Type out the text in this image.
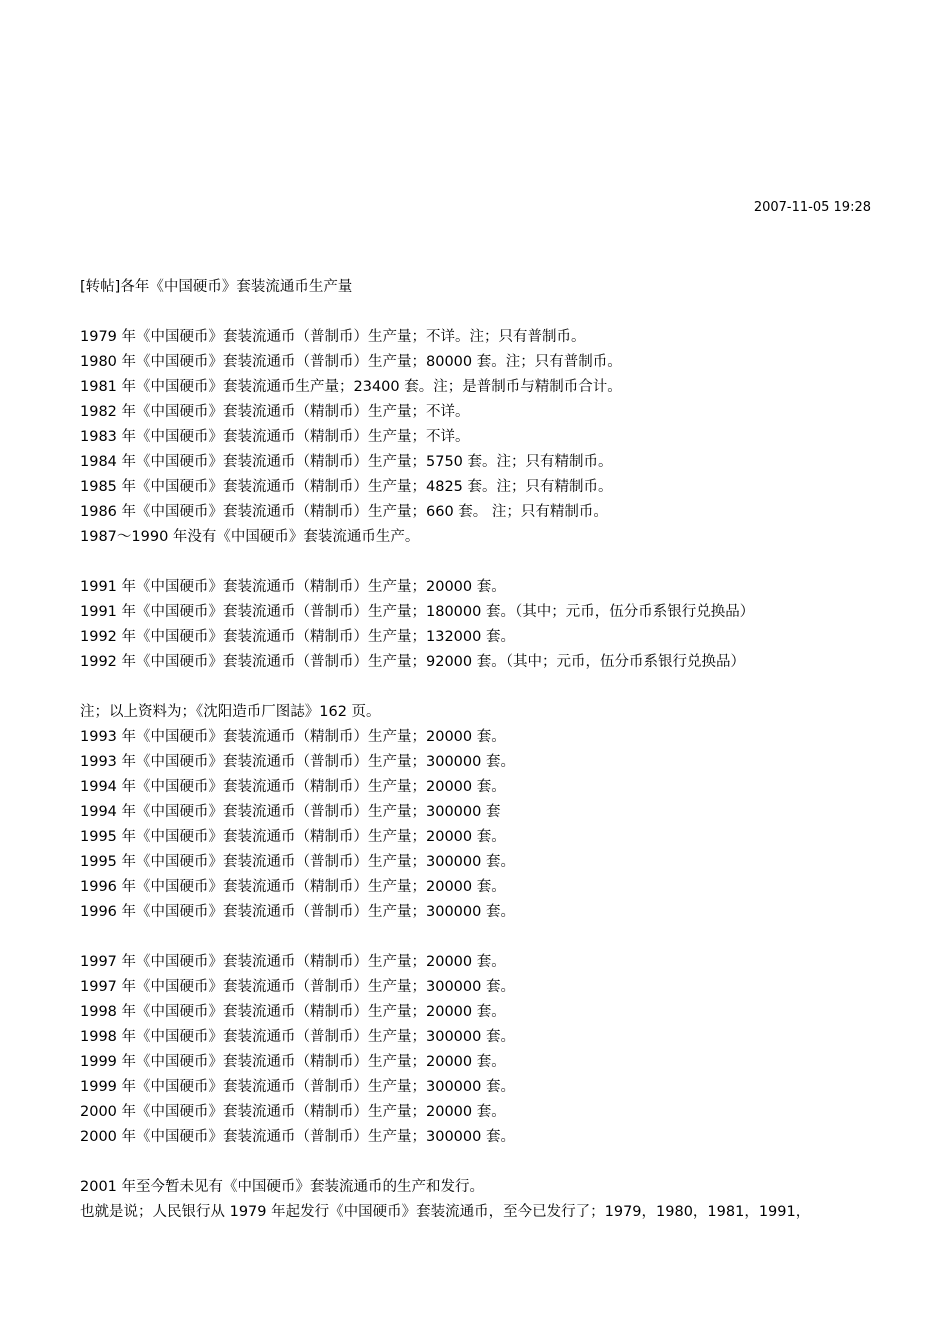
2007-11-05 19:28
[转帖]各年《中国硬币》套装流通币生产量
1979 年《中国硬币》套装流通币（普制币）生产量；不详。注；只有普制币。
1980 年《中国硬币》套装流通币（普制币）生产量；80000 套。注；只有普制币。
1981 年《中国硬币》套装流通币生产量；23400 套。注；是普制币与精制币合计。
1982 年《中国硬币》套装流通币（精制币）生产量；不详。
1983 年《中国硬币》套装流通币（精制币）生产量；不详。
1984 年《中国硬币》套装流通币（精制币）生产量；5750 套。注；只有精制币。
1985 年《中国硬币》套装流通币（精制币）生产量；4825 套。注；只有精制币。
1986 年《中国硬币》套装流通币（精制币）生产量；660 套。 注；只有精制币。
1987～1990 年没有《中国硬币》套装流通币生产。
1991 年《中国硬币》套装流通币（精制币）生产量；20000 套。
1991 年《中国硬币》套装流通币（普制币）生产量；180000 套。（其中；元币，伍分币系银行兑换品）
1992 年《中国硬币》套装流通币（精制币）生产量；132000 套。
1992 年《中国硬币》套装流通币（普制币）生产量；92000 套。（其中；元币，伍分币系银行兑换品）
注；以上资料为；《沈阳造币厂图誌》162 页。
1993 年《中国硬币》套装流通币（精制币）生产量；20000 套。
1993 年《中国硬币》套装流通币（普制币）生产量；300000 套。
1994 年《中国硬币》套装流通币（精制币）生产量；20000 套。
1994 年《中国硬币》套装流通币（普制币）生产量；300000 套
1995 年《中国硬币》套装流通币（精制币）生产量；20000 套。
1995 年《中国硬币》套装流通币（普制币）生产量；300000 套。
1996 年《中国硬币》套装流通币（精制币）生产量；20000 套。
1996 年《中国硬币》套装流通币（普制币）生产量；300000 套。
1997 年《中国硬币》套装流通币（精制币）生产量；20000 套。
1997 年《中国硬币》套装流通币（普制币）生产量；300000 套。
1998 年《中国硬币》套装流通币（精制币）生产量；20000 套。
1998 年《中国硬币》套装流通币（普制币）生产量；300000 套。
1999 年《中国硬币》套装流通币（精制币）生产量；20000 套。
1999 年《中国硬币》套装流通币（普制币）生产量；300000 套。
2000 年《中国硬币》套装流通币（精制币）生产量；20000 套。
2000 年《中国硬币》套装流通币（普制币）生产量；300000 套。
2001 年至今暂未见有《中国硬币》套装流通币的生产和发行。
也就是说；人民银行从 1979 年起发行《中国硬币》套装流通币，至今已发行了；1979，1980，1981，1991，
